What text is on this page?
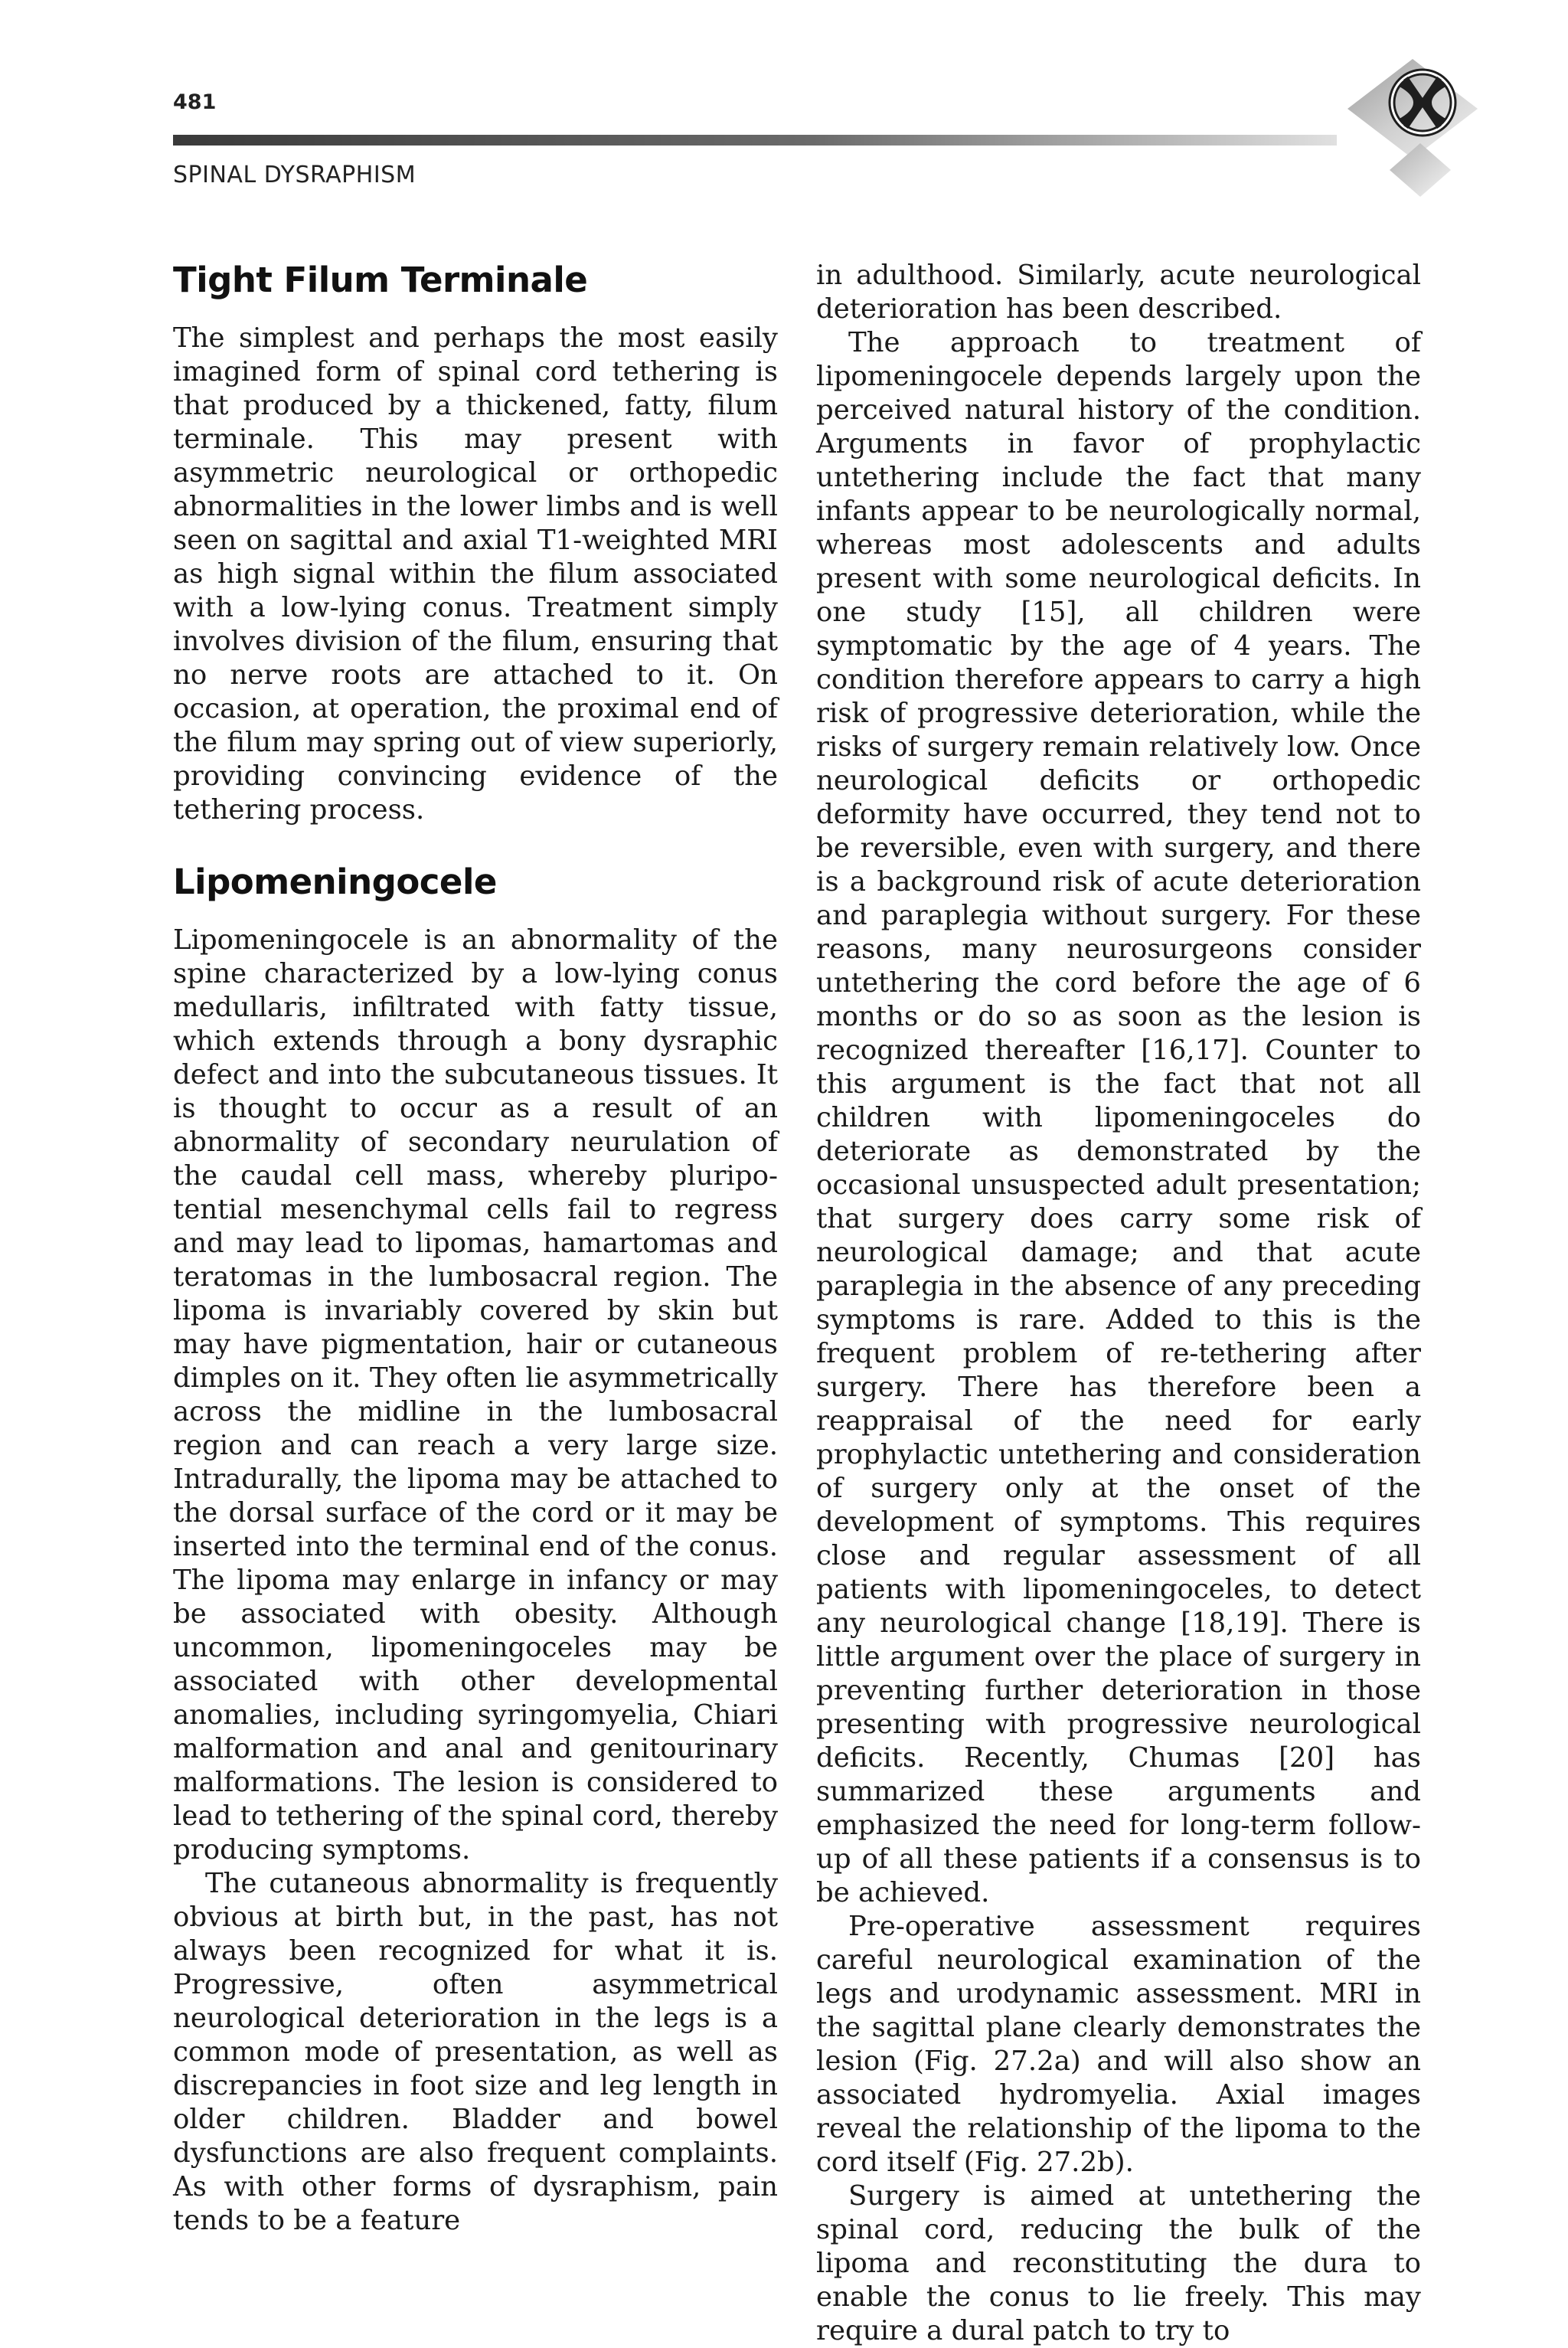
481
SPINAL DYSRAPHISM
Tight Filum Terminale

The simplest and perhaps the most easily imagined form of spinal cord tethering is that produced by a thickened, fatty, filum terminale. This may present with asymmetric neurological or orthopedic abnormalities in the lower limbs and is well seen on sagittal and axial T1-weighted MRI as high signal within the filum associated with a low-lying conus. Treatment simply involves division of the filum, ensuring that no nerve roots are attached to it. On occasion, at operation, the proximal end of the filum may spring out of view superiorly, providing convincing evidence of the tethering process.

Lipomeningocele

Lipomeningocele is an abnormality of the spine characterized by a low-lying conus medullaris, infiltrated with fatty tissue, which extends through a bony dysraphic defect and into the subcutaneous tissues. It is thought to occur as a result of an abnormality of secondary neurulation of the caudal cell mass, whereby pluripotential mesenchymal cells fail to regress and may lead to lipomas, hamartomas and teratomas in the lumbosacral region. The lipoma is invariably covered by skin but may have pigmentation, hair or cutaneous dimples on it. They often lie asymmetrically across the midline in the lumbosacral region and can reach a very large size. Intradurally, the lipoma may be attached to the dorsal surface of the cord or it may be inserted into the terminal end of the conus. The lipoma may enlarge in infancy or may be associated with obesity. Although uncommon, lipomeningoceles may be associated with other developmental anomalies, including syringomyelia, Chiari malformation and anal and genitourinary malformations. The lesion is considered to lead to tethering of the spinal cord, thereby producing symptoms.

The cutaneous abnormality is frequently obvious at birth but, in the past, has not always been recognized for what it is. Progressive, often asymmetrical neurological deterioration in the legs is a common mode of presentation, as well as discrepancies in foot size and leg length in older children. Bladder and bowel dysfunctions are also frequent complaints. As with other forms of dysraphism, pain tends to be a feature

in adulthood. Similarly, acute neurological deterioration has been described.

The approach to treatment of lipomeningocele depends largely upon the perceived natural history of the condition. Arguments in favor of prophylactic untethering include the fact that many infants appear to be neurologically normal, whereas most adolescents and adults present with some neurological deficits. In one study [15], all children were symptomatic by the age of 4 years. The condition therefore appears to carry a high risk of progressive deterioration, while the risks of surgery remain relatively low. Once neurological deficits or orthopedic deformity have occurred, they tend not to be reversible, even with surgery, and there is a background risk of acute deterioration and paraplegia without surgery. For these reasons, many neurosurgeons consider untethering the cord before the age of 6 months or do so as soon as the lesion is recognized thereafter [16,17]. Counter to this argument is the fact that not all children with lipomeningoceles do deteriorate as demonstrated by the occasional unsuspected adult presentation; that surgery does carry some risk of neurological damage; and that acute paraplegia in the absence of any preceding symptoms is rare. Added to this is the frequent problem of re-tethering after surgery. There has therefore been a reappraisal of the need for early prophylactic untethering and consideration of surgery only at the onset of the development of symptoms. This requires close and regular assessment of all patients with lipomeningoceles, to detect any neurological change [18,19]. There is little argument over the place of surgery in preventing further deterioration in those presenting with progressive neurological deficits. Recently, Chumas [20] has summarized these arguments and emphasized the need for long-term follow-up of all these patients if a consensus is to be achieved.

Pre-operative assessment requires careful neurological examination of the legs and urodynamic assessment. MRI in the sagittal plane clearly demonstrates the lesion (Fig. 27.2a) and will also show an associated hydromyelia. Axial images reveal the relationship of the lipoma to the cord itself (Fig. 27.2b).

Surgery is aimed at untethering the spinal cord, reducing the bulk of the lipoma and reconstituting the dura to enable the conus to lie freely. This may require a dural patch to try to
